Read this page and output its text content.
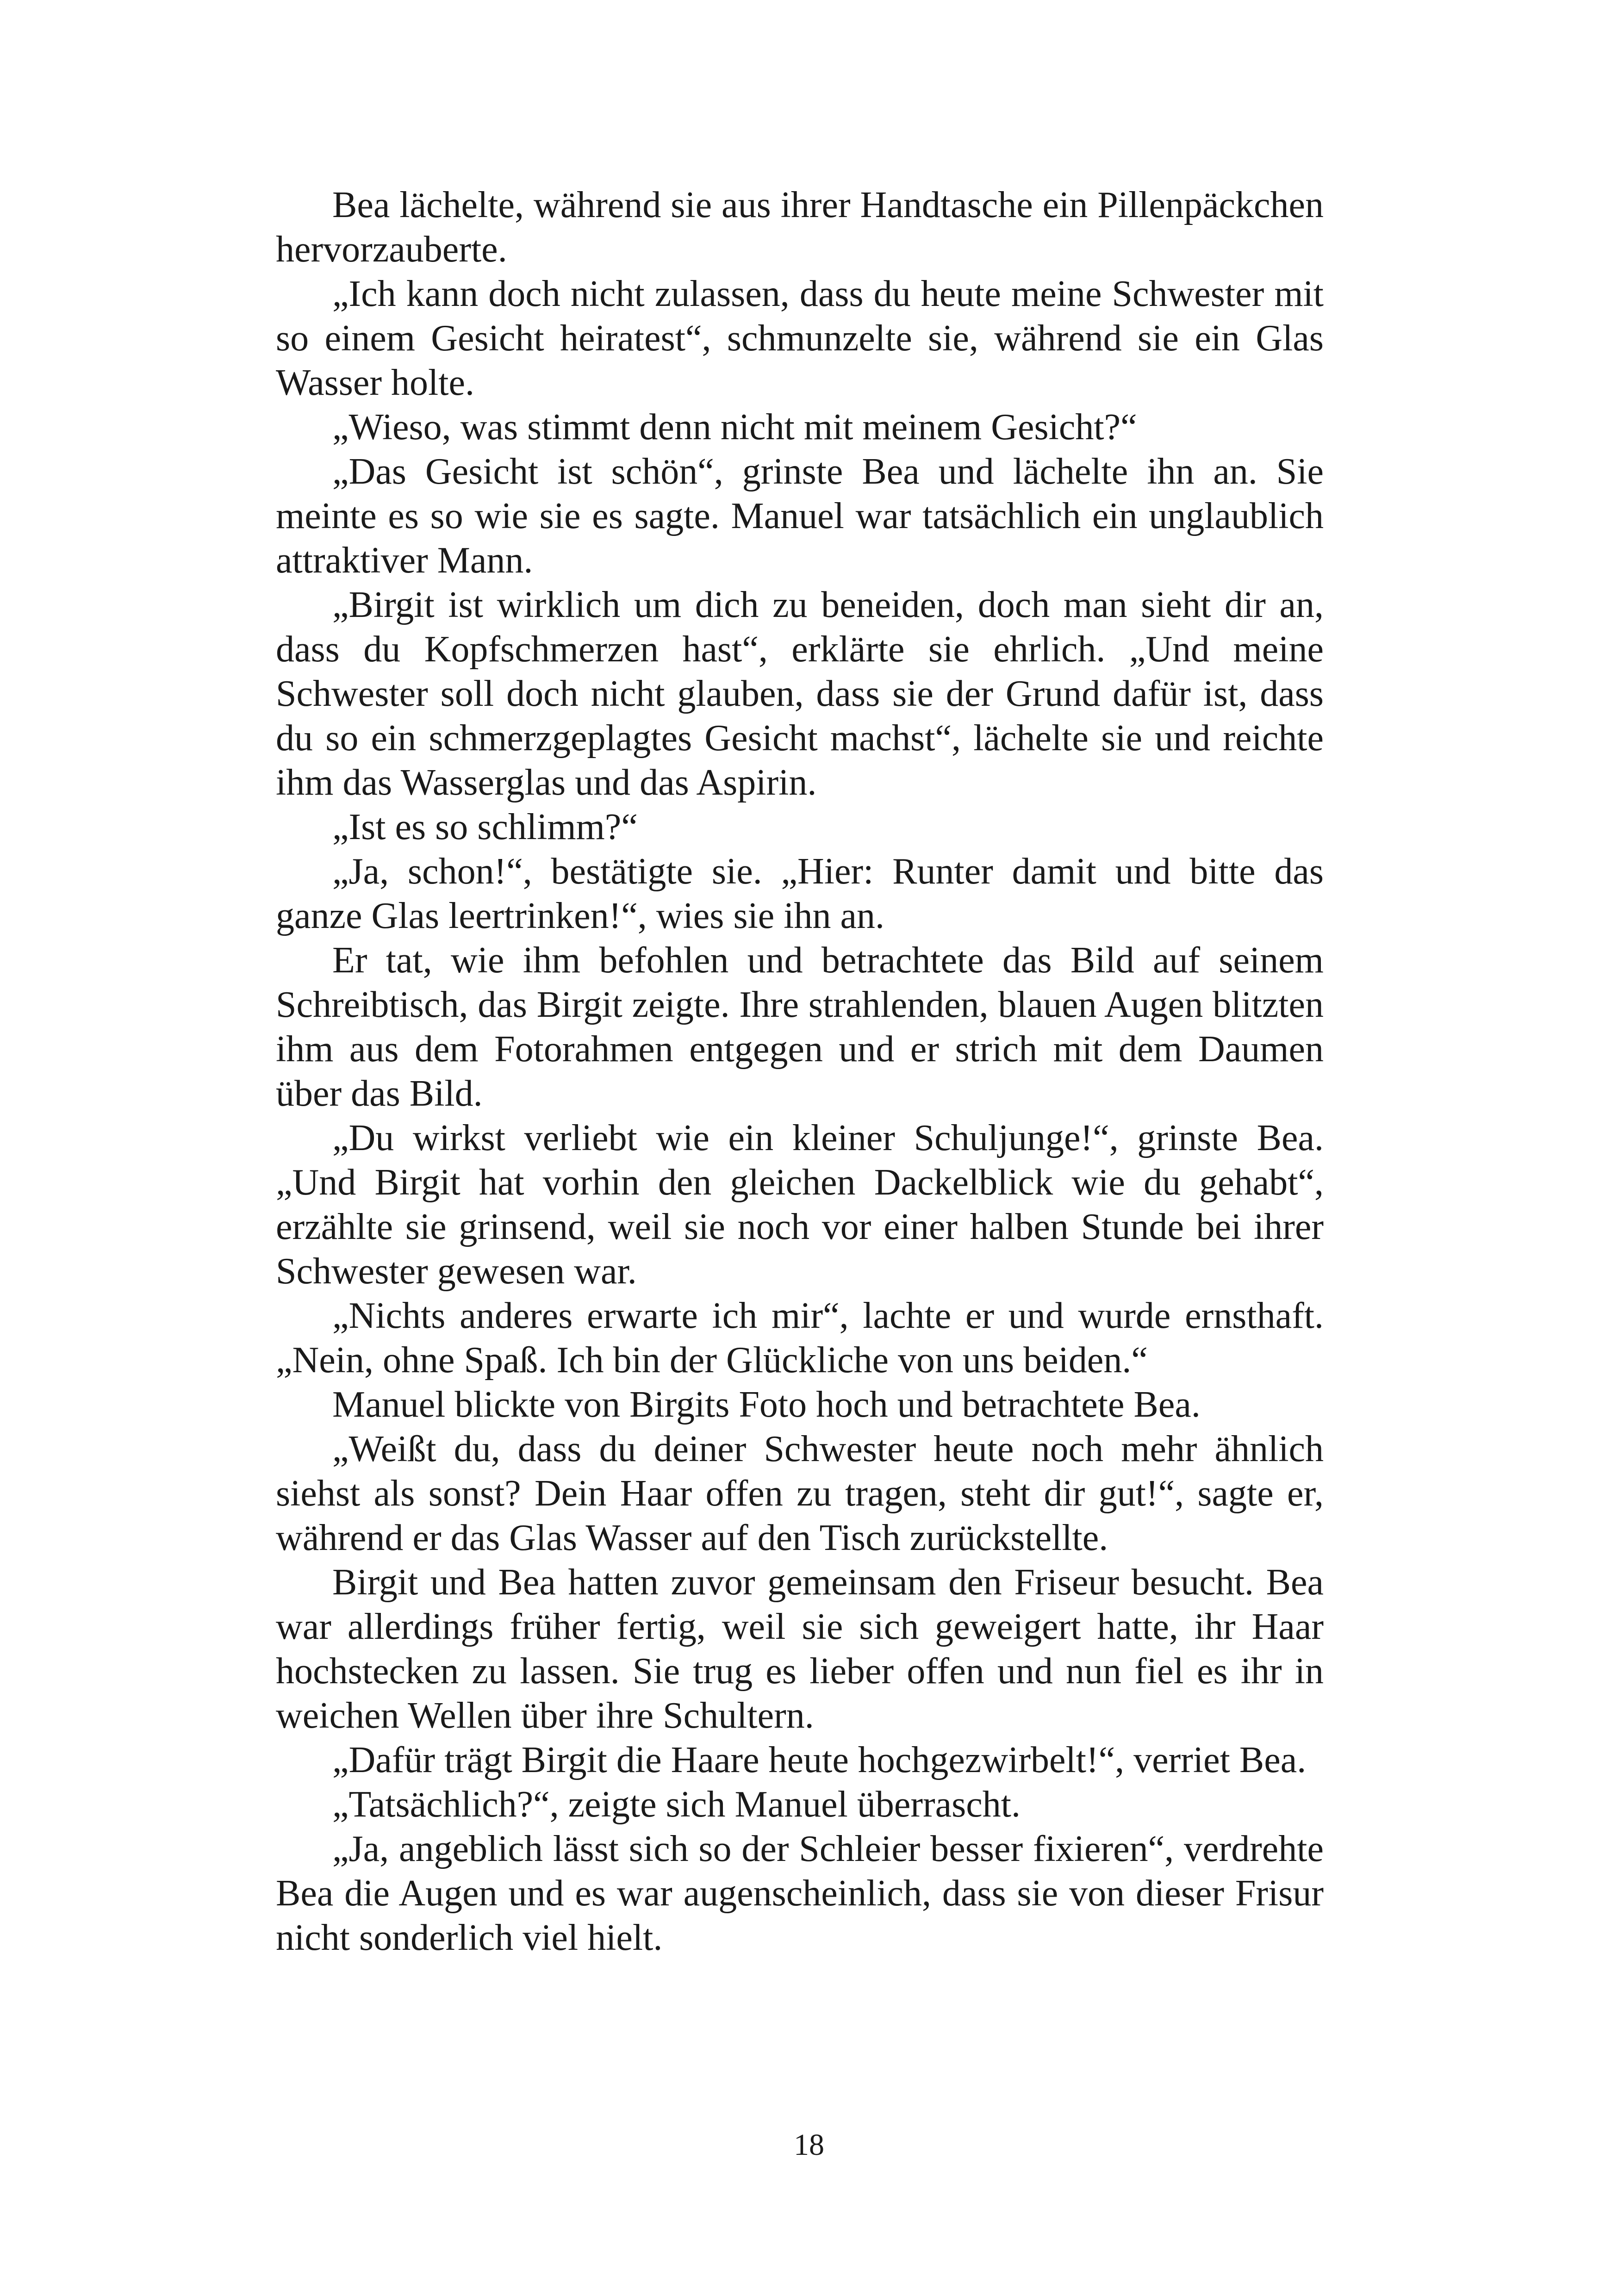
Bea lächelte, während sie aus ihrer Handtasche ein Pillenpäckchen hervorzauberte.

„Ich kann doch nicht zulassen, dass du heute meine Schwester mit so einem Gesicht heiratest“, schmunzelte sie, während sie ein Glas Wasser holte.

„Wieso, was stimmt denn nicht mit meinem Gesicht?“

„Das Gesicht ist schön“, grinste Bea und lächelte ihn an. Sie meinte es so wie sie es sagte. Manuel war tatsächlich ein unglaublich attraktiver Mann.

„Birgit ist wirklich um dich zu beneiden, doch man sieht dir an, dass du Kopfschmerzen hast“, erklärte sie ehrlich. „Und meine Schwester soll doch nicht glauben, dass sie der Grund dafür ist, dass du so ein schmerzgeplagtes Gesicht machst“, lächelte sie und reichte ihm das Wasserglas und das Aspirin.

„Ist es so schlimm?“

„Ja, schon!“, bestätigte sie. „Hier: Runter damit und bitte das ganze Glas leertrinken!“, wies sie ihn an.

Er tat, wie ihm befohlen und betrachtete das Bild auf seinem Schreibtisch, das Birgit zeigte. Ihre strahlenden, blauen Augen blitzten ihm aus dem Fotorahmen entgegen und er strich mit dem Daumen über das Bild.

„Du wirkst verliebt wie ein kleiner Schuljunge!“, grinste Bea. „Und Birgit hat vorhin den gleichen Dackelblick wie du gehabt“, erzählte sie grinsend, weil sie noch vor einer halben Stunde bei ihrer Schwester gewesen war.

„Nichts anderes erwarte ich mir“, lachte er und wurde ernsthaft. „Nein, ohne Spaß. Ich bin der Glückliche von uns beiden.“

Manuel blickte von Birgits Foto hoch und betrachtete Bea.

„Weißt du, dass du deiner Schwester heute noch mehr ähnlich siehst als sonst? Dein Haar offen zu tragen, steht dir gut!“, sagte er, während er das Glas Wasser auf den Tisch zurückstellte.

Birgit und Bea hatten zuvor gemeinsam den Friseur besucht. Bea war allerdings früher fertig, weil sie sich geweigert hatte, ihr Haar hochstecken zu lassen. Sie trug es lieber offen und nun fiel es ihr in weichen Wellen über ihre Schultern.

„Dafür trägt Birgit die Haare heute hochgezwirbelt!“, verriet Bea.

„Tatsächlich?“, zeigte sich Manuel überrascht.

„Ja, angeblich lässt sich so der Schleier besser fixieren“, verdrehte Bea die Augen und es war augenscheinlich, dass sie von dieser Frisur nicht sonderlich viel hielt.

18
